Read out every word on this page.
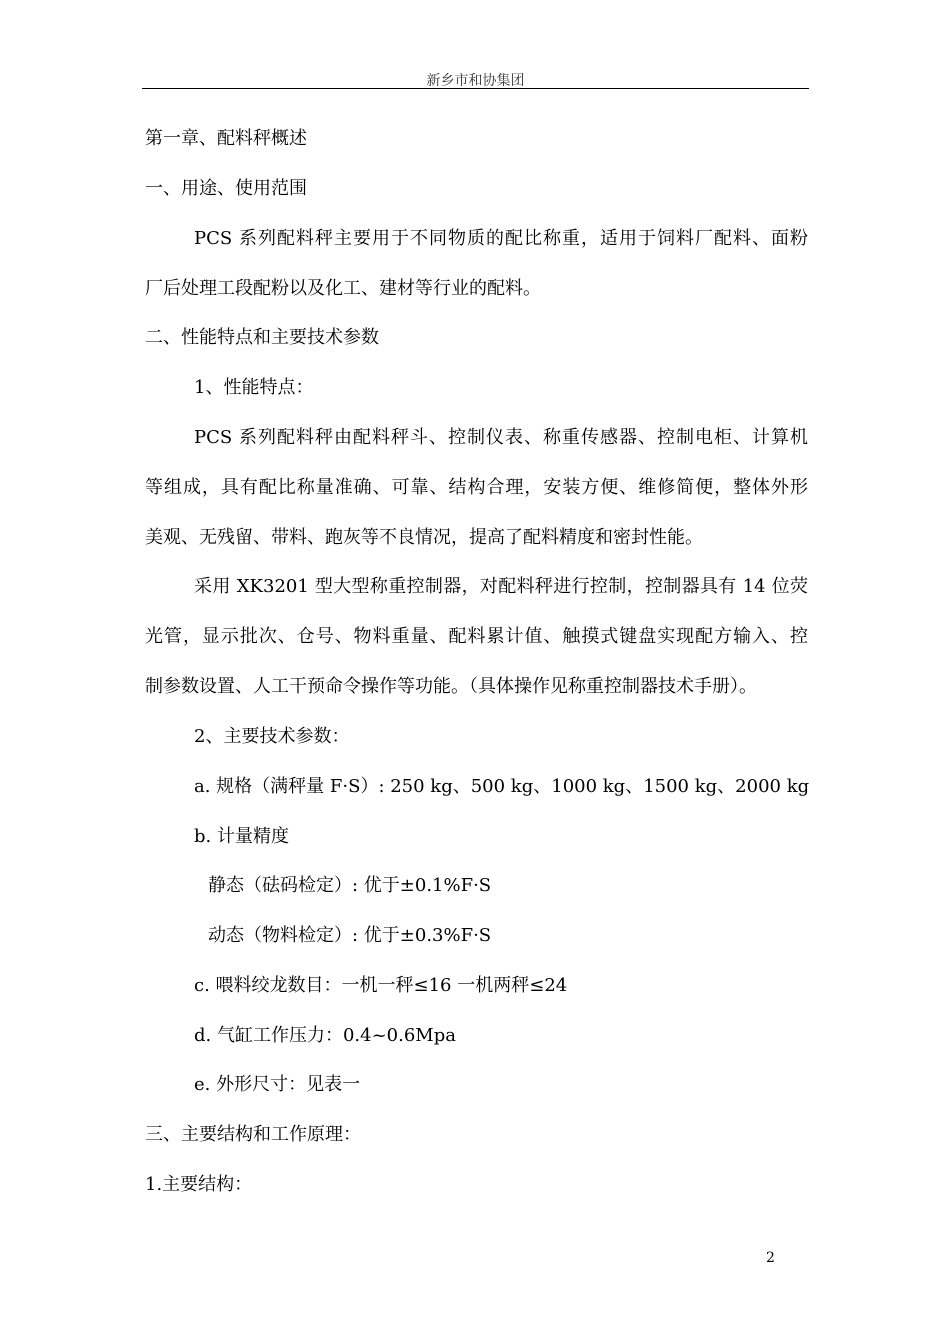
新乡市和协集团
第一章、配料秤概述
一、用途、使用范围
PCS 系列配料秤主要用于不同物质的配比称重，适用于饲料厂配料、面粉
厂后处理工段配粉以及化工、建材等行业的配料。
二、性能特点和主要技术参数
1、性能特点：
PCS 系列配料秤由配料秤斗、控制仪表、称重传感器、控制电柜、计算机
等组成，具有配比称量准确、可靠、结构合理，安装方便、维修简便，整体外形
美观、无残留、带料、跑灰等不良情况，提高了配料精度和密封性能。
采用 XK3201 型大型称重控制器，对配料秤进行控制，控制器具有 14 位荧
光管，显示批次、仓号、物料重量、配料累计值、触摸式键盘实现配方输入、控
制参数设置、人工干预命令操作等功能。（具体操作见称重控制器技术手册）。
2、主要技术参数：
a. 规格（满秤量 F·S）: 250 kg、500 kg、1000 kg、1500 kg、2000 kg
b. 计量精度
静态（砝码检定）: 优于±0.1%F·S
动态（物料检定）: 优于±0.3%F·S
c. 喂料绞龙数目：一机一秤≤16 一机两秤≤24
d. 气缸工作压力：0.4~0.6Mpa
e. 外形尺寸：见表一
三、主要结构和工作原理：
1.主要结构：
2
